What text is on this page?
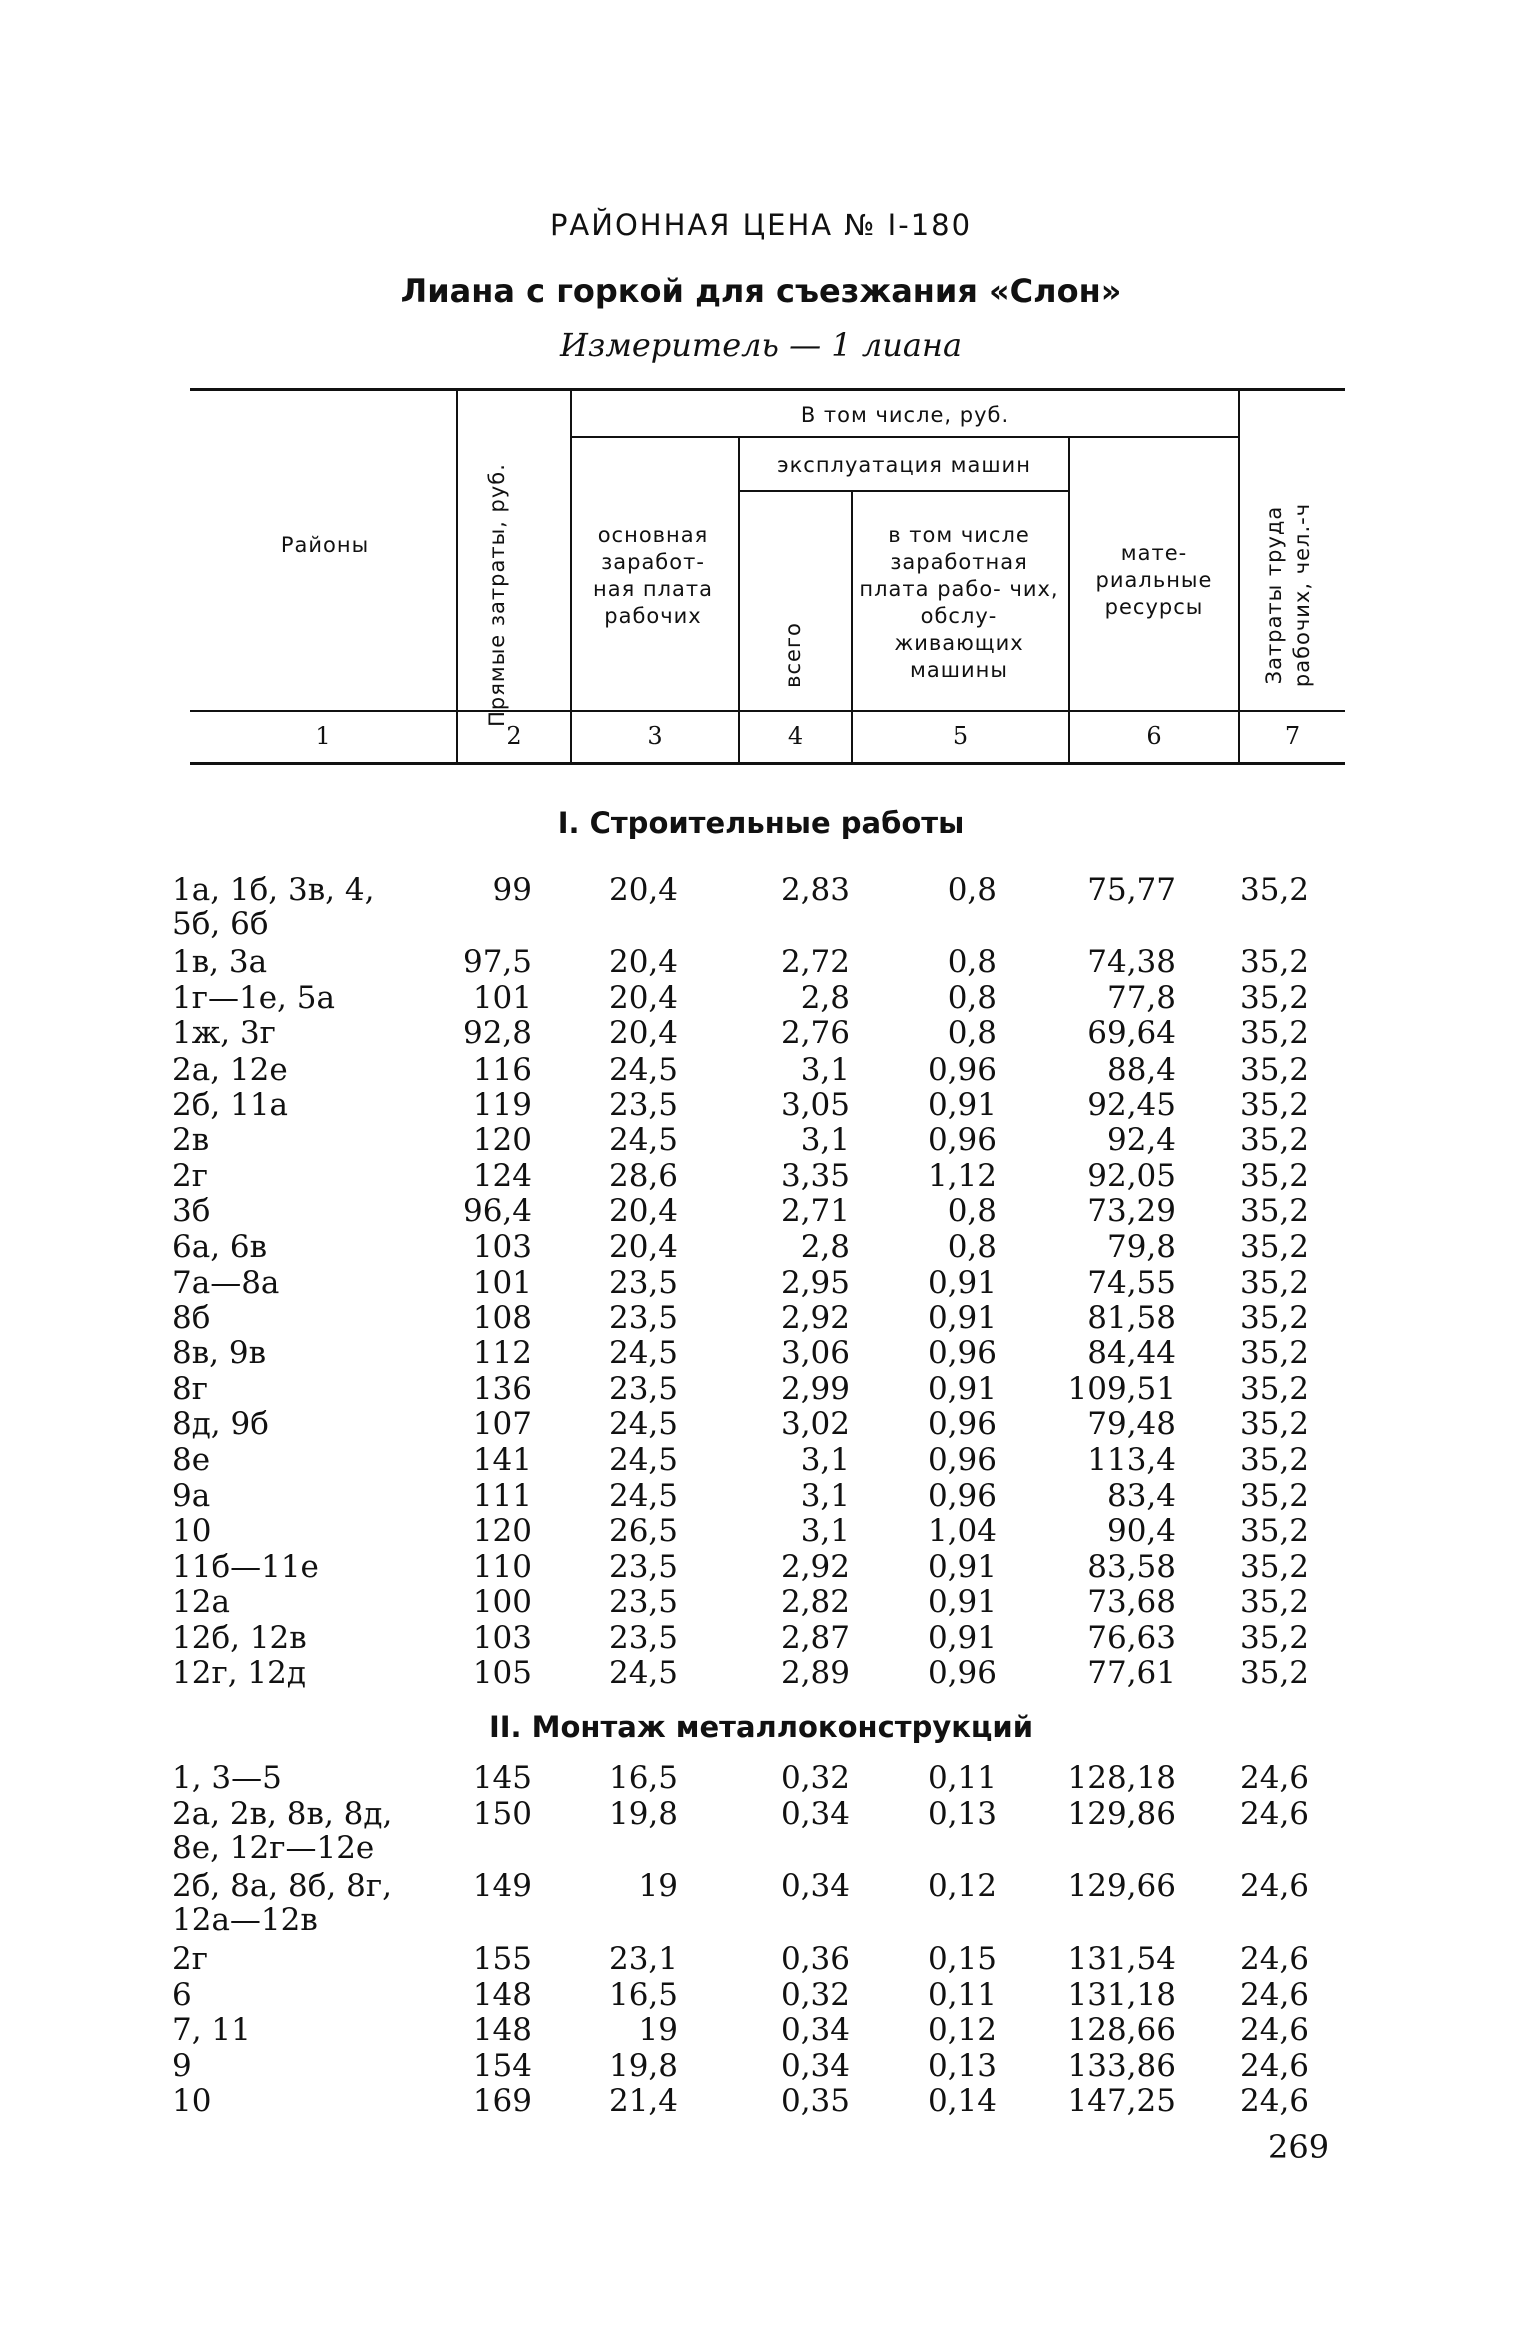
РАЙОННАЯ ЦЕНА № I-180
Лиана с горкой для съезжания «Слон»
Измеритель — 1 лиана
Районы	Прямые затраты, руб.
В том числе, руб.
эксплуатация машин
основная заработ- ная плата рабочих
всего
в том числе заработная плата рабо- чих, обслу- живающих машины
мате- риальные ресурсы	Затраты труда рабочих, чел.-ч
1	2	3	4	5	6	7
I. Строительные работы
1а, 1б, 3в, 4,	99	20,4	2,83	0,8	75,77 35,2
5б, 6б
1в, 3а	97,5	20,4	2,72	0,8	74,38 35,2
1г—1е, 5а	101	20,4	2,8	0,8	77,8 35,2
1ж, 3г	92,8	20,4	2,76	0,8	69,64 35,2
2а, 12е	116	24,5	3,1	0,96	88,4 35,2
2б, 11а	119	23,5	3,05	0,91	92,45 35,2
2в	120	24,5	3,1	0,96	92,4 35,2
2г	124	28,6	3,35	1,12	92,05 35,2
3б	96,4	20,4	2,71	0,8	73,29 35,2
6а, 6в	103	20,4	2,8	0,8	79,8 35,2
7а—8а	101	23,5	2,95	0,91	74,55 35,2
8б	108	23,5	2,92	0,91	81,58 35,2
8в, 9в	112	24,5	3,06	0,96	84,44 35,2
8г	136	23,5	2,99	0,91 109,51 35,2
8д, 9б	107	24,5	3,02	0,96	79,48 35,2
8е	141	24,5	3,1	0,96	113,4 35,2
9а	111	24,5	3,1	0,96	83,4 35,2
10	120	26,5	3,1	1,04	90,4 35,2
11б—11е	110	23,5	2,92	0,91	83,58 35,2
12а	100	23,5	2,82	0,91	73,68 35,2
12б, 12в	103	23,5	2,87	0,91	76,63 35,2
12г, 12д	105	24,5	2,89	0,96	77,61 35,2
II. Монтаж металлоконструкций
1, 3—5	145	16,5	0,32	0,11 128,18 24,6
2а, 2в, 8в, 8д,	150	19,8	0,34	0,13 129,86 24,6
8е, 12г—12е
2б, 8а, 8б, 8г,	149	19	0,34	0,12 129,66 24,6
12а—12в
2г	155	23,1	0,36	0,15 131,54 24,6
6	148	16,5	0,32	0,11 131,18 24,6
7, 11	148	19	0,34	0,12 128,66 24,6
9	154	19,8	0,34	0,13 133,86 24,6
10	169	21,4	0,35	0,14 147,25 24,6
269
